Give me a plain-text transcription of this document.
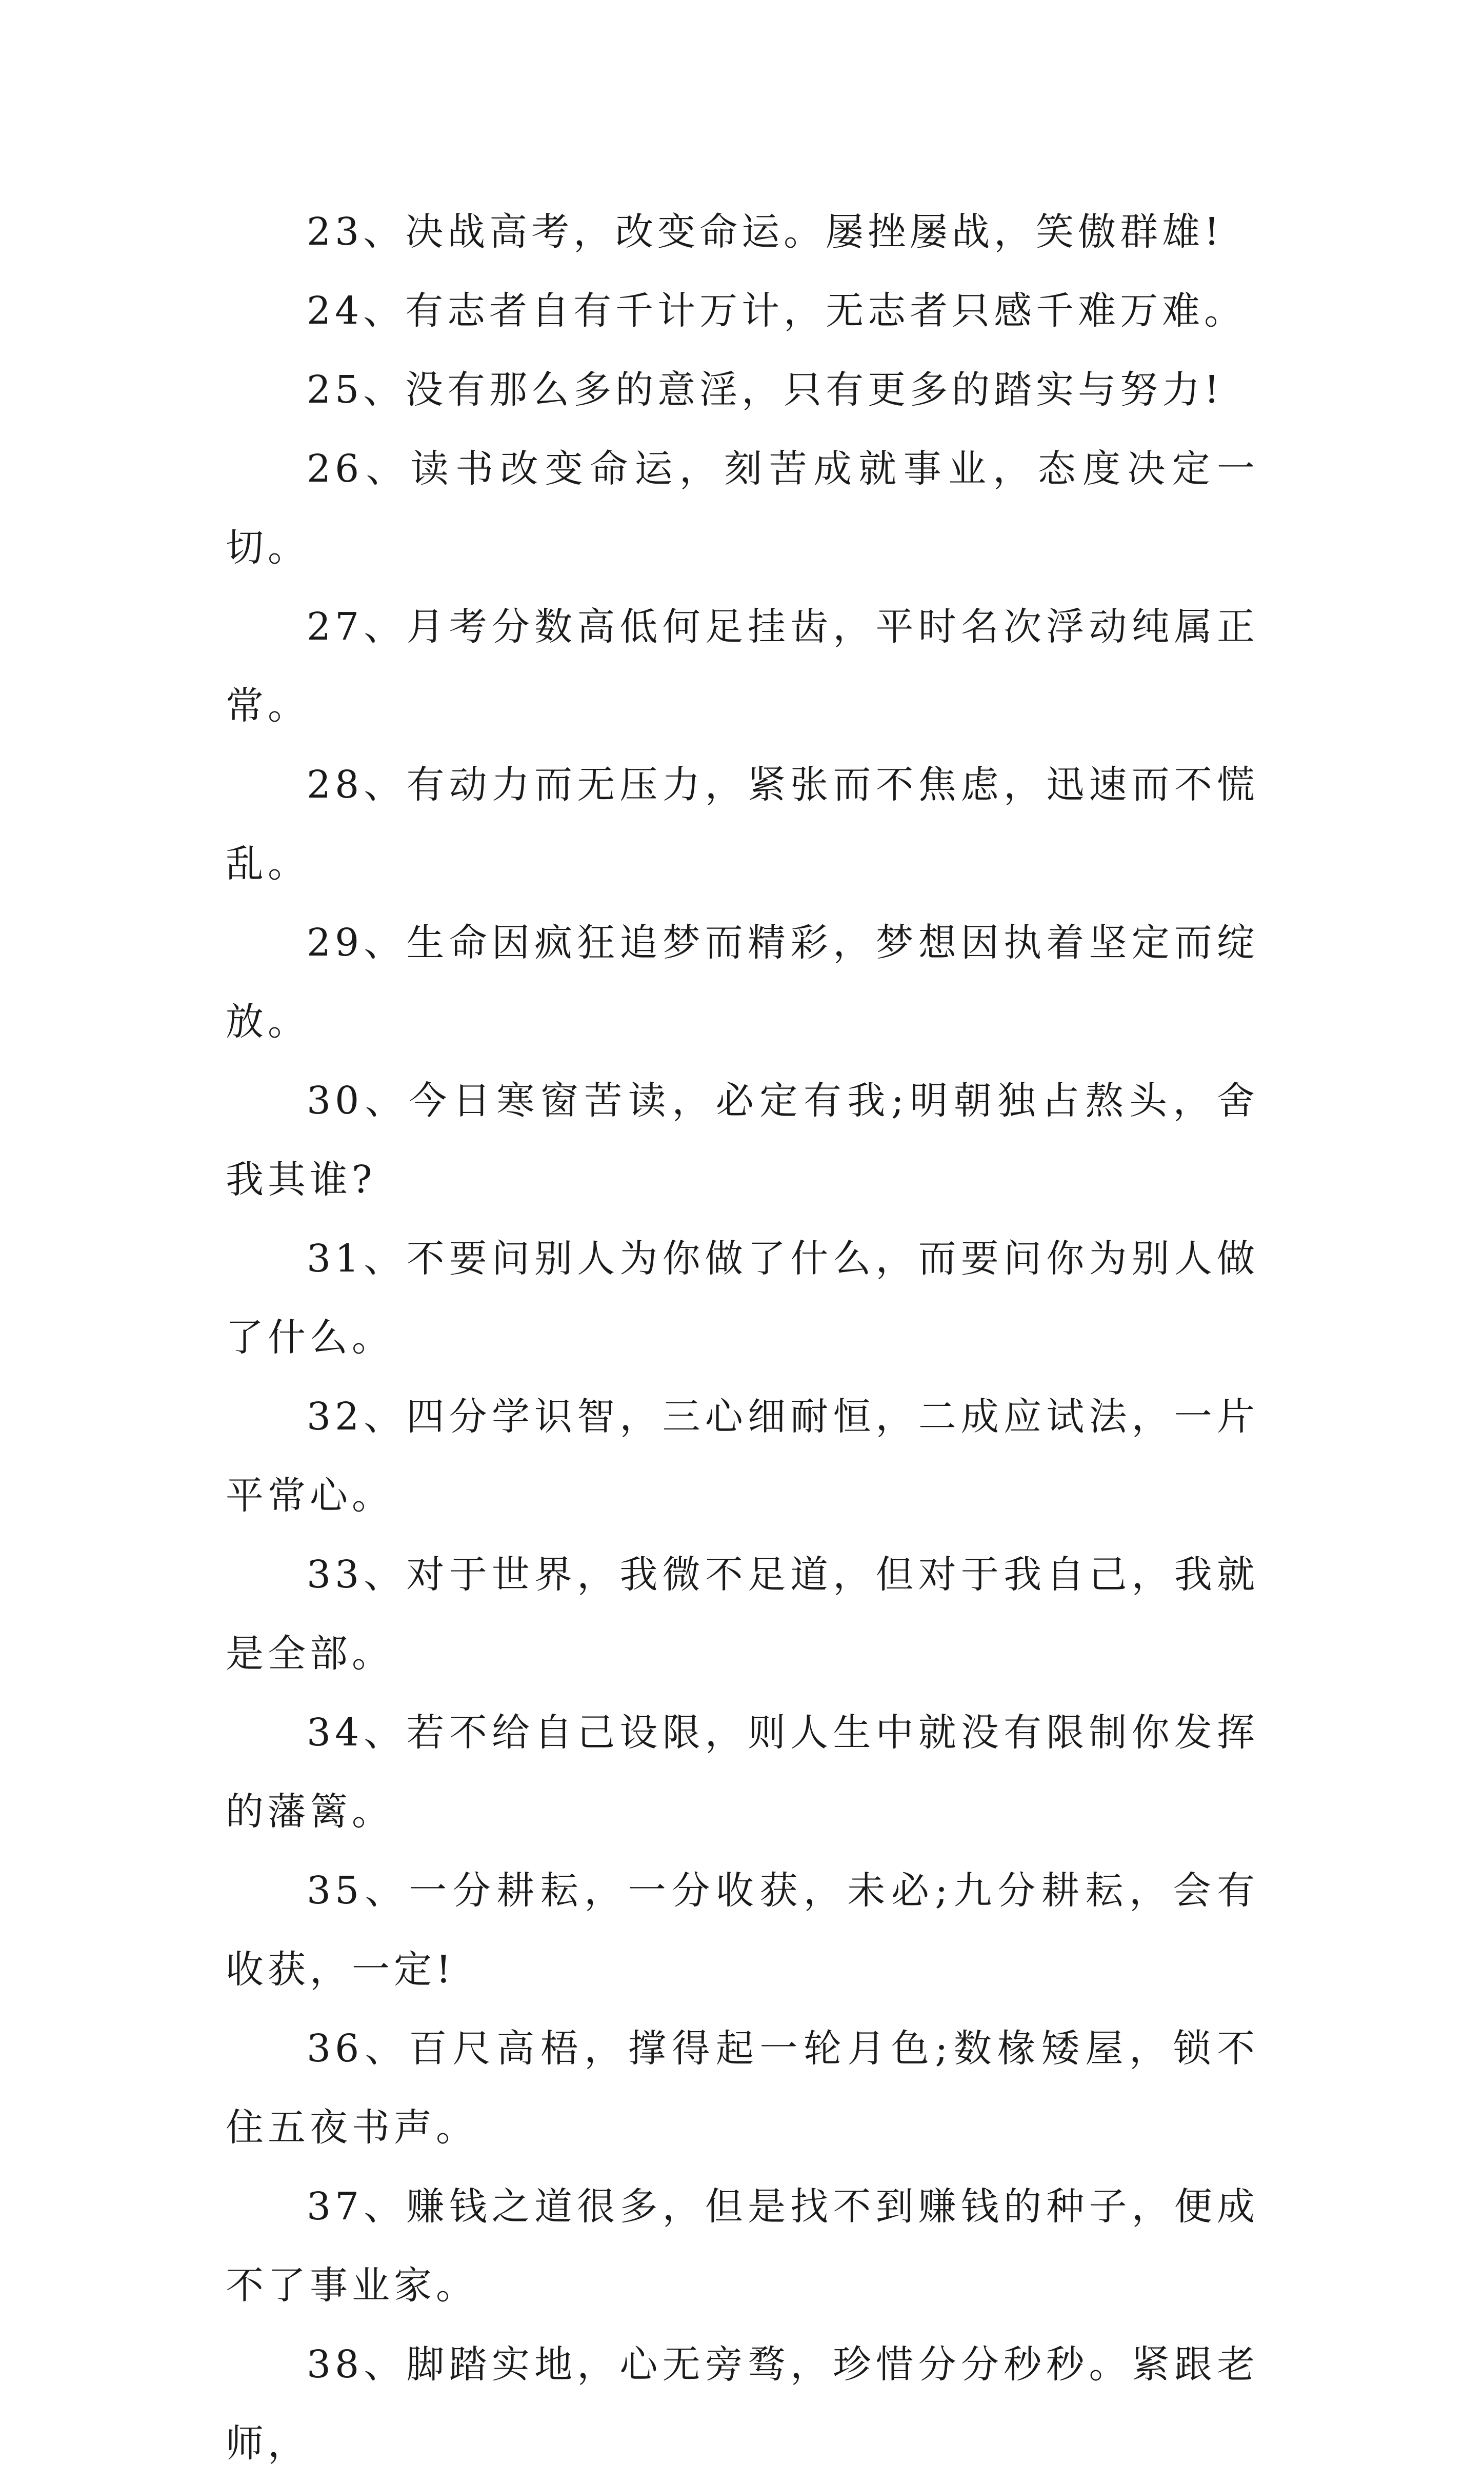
23、决战高考，改变命运。屡挫屡战，笑傲群雄!

24、有志者自有千计万计，无志者只感千难万难。

25、没有那么多的意淫，只有更多的踏实与努力!

26、读书改变命运，刻苦成就事业，态度决定一切。

27、月考分数高低何足挂齿，平时名次浮动纯属正常。

28、有动力而无压力，紧张而不焦虑，迅速而不慌乱。

29、生命因疯狂追梦而精彩，梦想因执着坚定而绽放。

30、今日寒窗苦读，必定有我;明朝独占熬头，舍我其谁?

31、不要问别人为你做了什么，而要问你为别人做了什么。

32、四分学识智，三心细耐恒，二成应试法，一片平常心。

33、对于世界，我微不足道，但对于我自己，我就是全部。

34、若不给自己设限，则人生中就没有限制你发挥的藩篱。

35、一分耕耘，一分收获，未必;九分耕耘，会有收获，一定!

36、百尺高梧，撑得起一轮月色;数椽矮屋，锁不住五夜书声。

37、赚钱之道很多，但是找不到赚钱的种子，便成不了事业家。

38、脚踏实地，心无旁骛，珍惜分分秒秒。紧跟老师，
